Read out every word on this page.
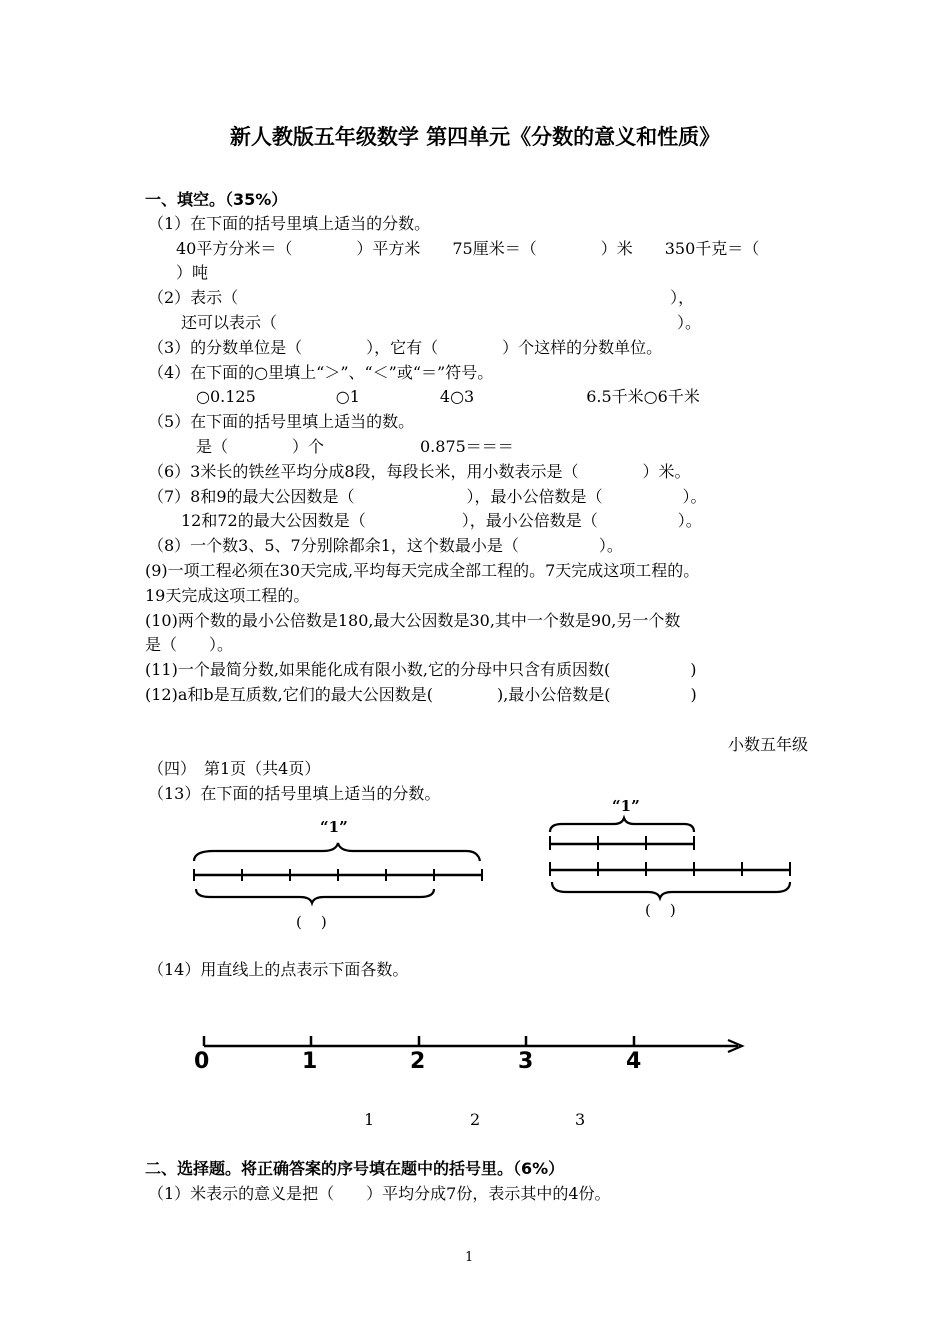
新人教版五年级数学 第四单元《分数的意义和性质》
一、填空。（35%）
（1）在下面的括号里填上适当的分数。
40平方分米＝（　　　　）平方米　　75厘米＝（　　　　）米　　350千克＝（
）吨
（2）表示（　　　　　　　　　　　　　　　　　　　　　　　　　　　），
还可以表示（　　　　　　　　　　　　　　　　　　　　　　　　　）。
（3）的分数单位是（　　　　），它有（　　　　）个这样的分数单位。
（4）在下面的○里填上“＞”、“＜”或“＝”符号。
○0.125　　　　　○1　　　　　4○3　　　　　　　6.5千米○6千米
（5）在下面的括号里填上适当的数。
是（　　　　）个　　　　　　0.875＝＝＝
（6）3米长的铁丝平均分成8段，每段长米，用小数表示是（　　　　）米。
（7）8和9的最大公因数是（　　　　　　　），最小公倍数是（　　　　　）。
12和72的最大公因数是（　　　　　　），最小公倍数是（　　　　　）。
（8）一个数3、5、7分别除都余1，这个数最小是（　　　　　）。
(9)一项工程必须在30天完成,平均每天完成全部工程的。7天完成这项工程的。
19天完成这项工程的。
(10)两个数的最小公倍数是180,最大公因数是30,其中一个数是90,另一个数
是（　　）。
(11)一个最简分数,如果能化成有限小数,它的分母中只含有质因数(　　　　　)
(12)a和b是互质数,它们的最大公因数是(　　　　),最小公倍数是(　　　　　)
小数五年级
（四）　第1页（共4页）
（13）在下面的括号里填上适当的分数。
“1”
(    )
“1”
(    )
（14）用直线上的点表示下面各数。
0	1	2	3	4
1	2	3
二、选择题。将正确答案的序号填在题中的括号里。（6%）
（1）米表示的意义是把（　　）平均分成7份，表示其中的4份。
1
